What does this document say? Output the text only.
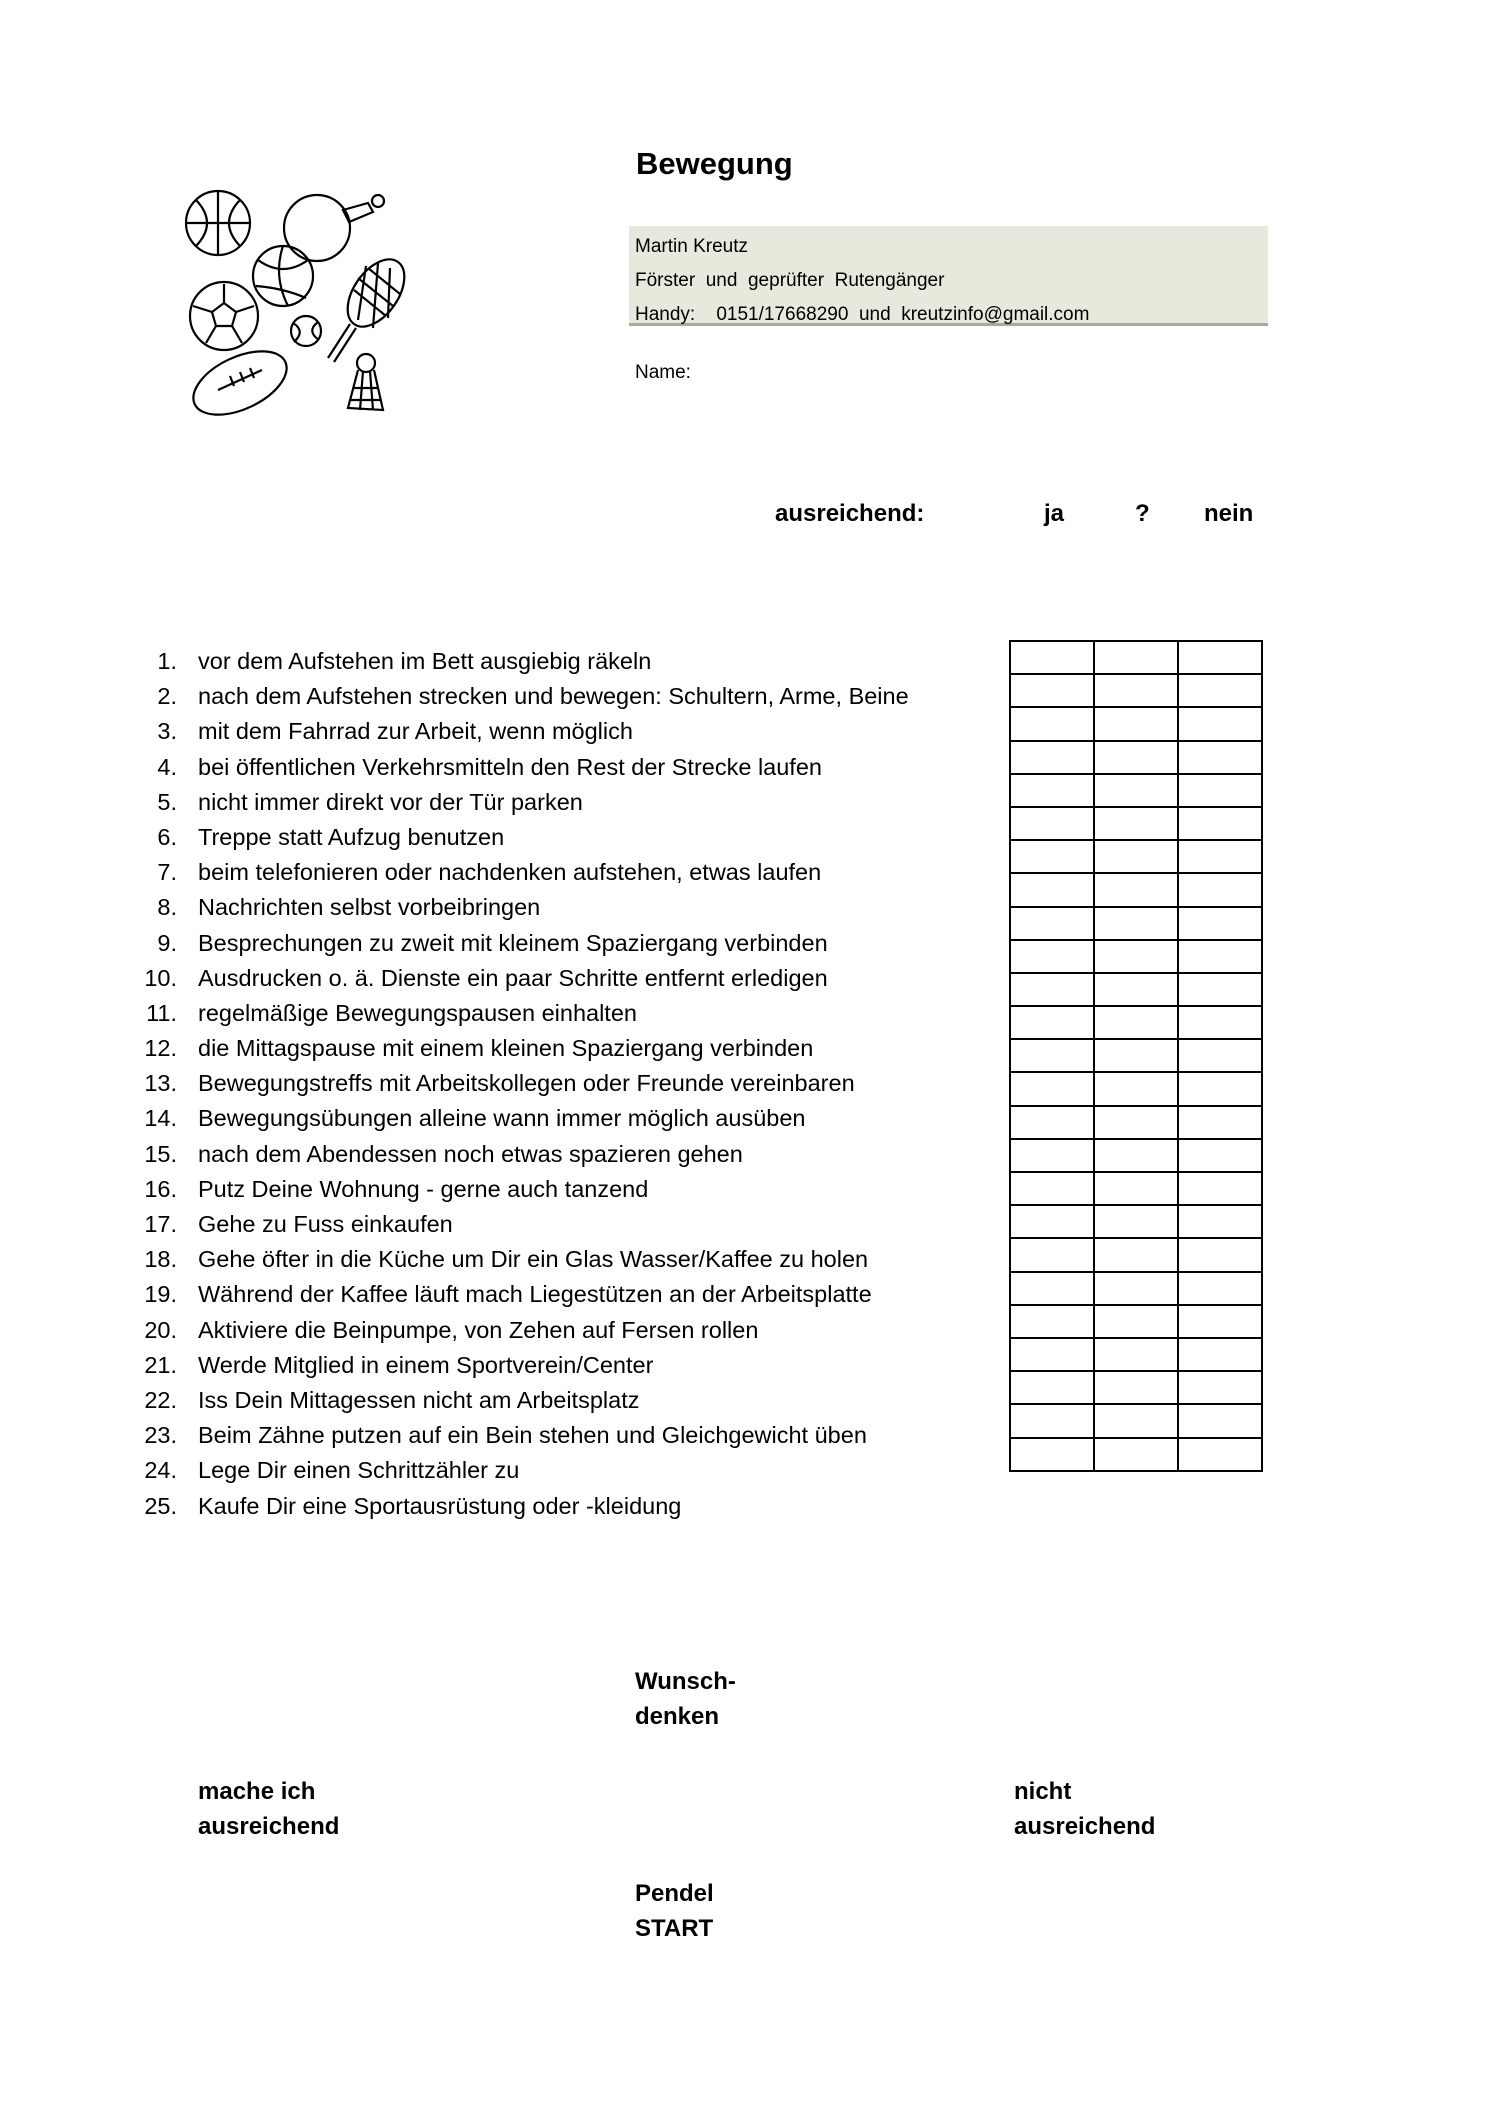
Bewegung
Martin Kreutz
Förster  und  geprüfter  Rutengänger
Handy:    0151/17668290  und  kreutzinfo@gmail.com
Name:
ausreichend:	ja	? nein
1. vor dem Aufstehen im Bett ausgiebig räkeln
2. nach dem Aufstehen strecken und bewegen: Schultern, Arme, Beine
3. mit dem Fahrrad zur Arbeit, wenn möglich
4. bei öffentlichen Verkehrsmitteln den Rest der Strecke laufen
5. nicht immer direkt vor der Tür parken
6. Treppe statt Aufzug benutzen
7. beim telefonieren oder nachdenken aufstehen, etwas laufen
8. Nachrichten selbst vorbeibringen
9. Besprechungen zu zweit mit kleinem Spaziergang verbinden
10. Ausdrucken o. ä. Dienste ein paar Schritte entfernt erledigen
11. regelmäßige Bewegungspausen einhalten
12. die Mittagspause mit einem kleinen Spaziergang verbinden
13. Bewegungstreffs mit Arbeitskollegen oder Freunde vereinbaren
14. Bewegungsübungen alleine wann immer möglich ausüben
15. nach dem Abendessen noch etwas spazieren gehen
16. Putz Deine Wohnung - gerne auch tanzend
17. Gehe zu Fuss einkaufen
18. Gehe öfter in die Küche um Dir ein Glas Wasser/Kaffee zu holen
19. Während der Kaffee läuft mach Liegestützen an der Arbeitsplatte
20. Aktiviere die Beinpumpe, von Zehen auf Fersen rollen
21. Werde Mitglied in einem Sportverein/Center
22. Iss Dein Mittagessen nicht am Arbeitsplatz
23. Beim Zähne putzen auf ein Bein stehen und Gleichgewicht üben
24. Lege Dir einen Schrittzähler zu
25. Kaufe Dir eine Sportausrüstung oder -kleidung

Wunsch-
denken
mache ich
ausreichend
nicht
ausreichend
Pendel
START
